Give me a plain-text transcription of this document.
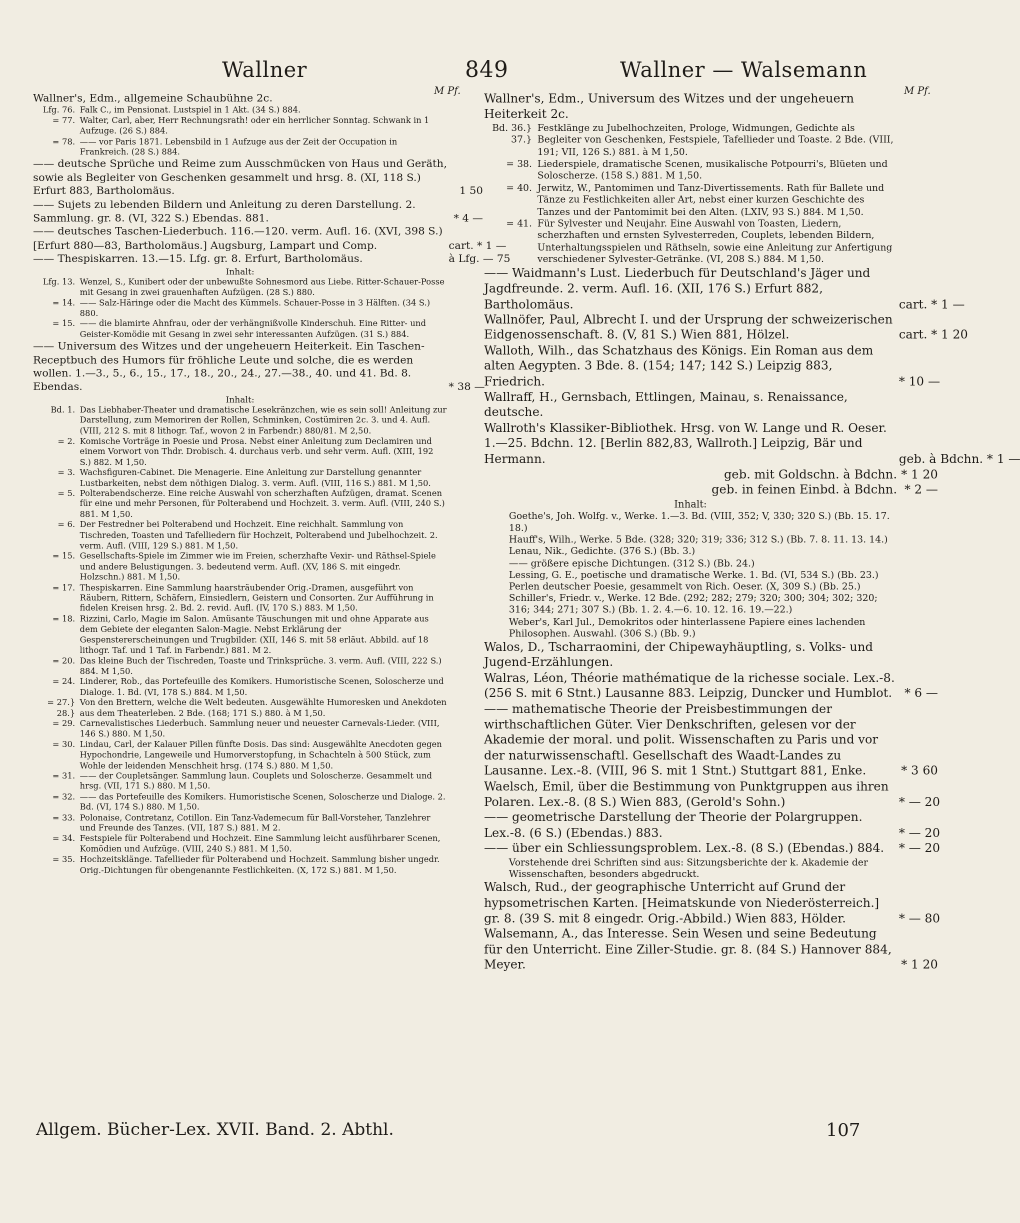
Wallner	849	Wallner — Walsemann
M Pf.	M Pf.
Wallner's, Edm., allgemeine Schaubühne 2c.
Lfg. 76. Falk C., im Pensionat. Lustspiel in 1 Akt. (34 S.) 884.
= 77. Walter, Carl, aber, Herr Rechnungsrath! oder ein herrlicher Sonntag. Schwank in 1 Aufzuge. (26 S.) 884.
= 78. —— vor Paris 1871. Lebensbild in 1 Aufzuge aus der Zeit der Occupation in Frankreich. (28 S.) 884.
—— deutsche Sprüche und Reime zum Ausschmücken von Haus und Geräth, sowie als Begleiter von Geschenken gesammelt und hrsg. 8. (XI, 118 S.) Erfurt 883, Bartholomäus.	1 50
—— Sujets zu lebenden Bildern und Anleitung zu deren Darstellung. 2. Sammlung. gr. 8. (VI, 322 S.) Ebendas. 881.	* 4 —
—— deutsches Taschen-Liederbuch. 116.—120. verm. Aufl. 16. (XVI, 398 S.) [Erfurt 880—83, Bartholomäus.] Augsburg, Lampart und Comp.	cart. * 1 —
—— Thespiskarren. 13.—15. Lfg. gr. 8. Erfurt, Bartholomäus.	à Lfg. — 75
Inhalt:
Lfg. 13. Wenzel, S., Kunibert oder der unbewußte Sohnesmord aus Liebe. Ritter-Schauer-Posse mit Gesang in zwei grauenhaften Aufzügen. (28 S.) 880.
= 14. —— Salz-Häringe oder die Macht des Kümmels. Schauer-Posse in 3 Hälften. (34 S.) 880.
= 15. —— die blamirte Ahnfrau, oder der verhängnißvolle Kinderschuh. Eine Ritter- und Geister-Komödie mit Gesang in zwei sehr interessanten Aufzügen. (31 S.) 884.
—— Universum des Witzes und der ungeheuern Heiterkeit. Ein Taschen-Receptbuch des Humors für fröhliche Leute und solche, die es werden wollen. 1.—3., 5., 6., 15., 17., 18., 20., 24., 27.—38., 40. und 41. Bd. 8. Ebendas.	* 38 —
Inhalt:
Bd. 1. Das Liebhaber-Theater und dramatische Lesekränzchen, wie es sein soll! Anleitung zur Darstellung, zum Memoriren der Rollen, Schminken, Costümiren 2c. 3. und 4. Aufl. (VIII, 212 S. mit 8 lithogr. Taf., wovon 2 in Farbendr.) 880/81. M 2,50.
= 2. Komische Vorträge in Poesie und Prosa. Nebst einer Anleitung zum Declamiren und einem Vorwort von Thdr. Drobisch. 4. durchaus verb. und sehr verm. Aufl. (XIII, 192 S.) 882. M 1,50.
= 3. Wachsfiguren-Cabinet. Die Menagerie. Eine Anleitung zur Darstellung genannter Lustbarkeiten, nebst dem nöthigen Dialog. 3. verm. Aufl. (VIII, 116 S.) 881. M 1,50.
= 5. Polterabendscherze. Eine reiche Auswahl von scherzhaften Aufzügen, dramat. Scenen für eine und mehr Personen, für Polterabend und Hochzeit. 3. verm. Aufl. (VIII, 240 S.) 881. M 1,50.
= 6. Der Festredner bei Polterabend und Hochzeit. Eine reichhalt. Sammlung von Tischreden, Toasten und Tafelliedern für Hochzeit, Polterabend und Jubelhochzeit. 2. verm. Aufl. (VIII, 129 S.) 881. M 1,50.
= 15. Gesellschafts-Spiele im Zimmer wie im Freien, scherzhafte Vexir- und Räthsel-Spiele und andere Belustigungen. 3. bedeutend verm. Aufl. (XV, 186 S. mit eingedr. Holzschn.) 881. M 1,50.
= 17. Thespiskarren. Eine Sammlung haarsträubender Orig.-Dramen, ausgeführt von Räubern, Rittern, Schäfern, Einsiedlern, Geistern und Consorten. Zur Aufführung in fidelen Kreisen hrsg. 2. Bd. 2. revid. Aufl. (IV, 170 S.) 883. M 1,50.
= 18. Rizzini, Carlo, Magie im Salon. Amüsante Täuschungen mit und ohne Apparate aus dem Gebiete der eleganten Salon-Magie. Nebst Erklärung der Gespenstererscheinungen und Trugbilder. (XII, 146 S. mit 58 erläut. Abbild. auf 18 lithogr. Taf. und 1 Taf. in Farbendr.) 881. M 2.
= 20. Das kleine Buch der Tischreden, Toaste und Trinksprüche. 3. verm. Aufl. (VIII, 222 S.) 884. M 1,50.
= 24. Linderer, Rob., das Portefeuille des Komikers. Humoristische Scenen, Soloscherze und Dialoge. 1. Bd. (VI, 178 S.) 884. M 1,50.
= 27.} 28.}
Von den Brettern, welche die Welt bedeuten. Ausgewählte Humoresken und Anekdoten aus dem Theaterleben. 2 Bde. (168; 171 S.) 880. à M 1,50.
= 29. Carnevalistisches Liederbuch. Sammlung neuer und neuester Carnevals-Lieder. (VIII, 146 S.) 880. M 1,50.
= 30. Lindau, Carl, der Kalauer Pillen fünfte Dosis. Das sind: Ausgewählte Anecdoten gegen Hypochondrie, Langeweile und Humorverstopfung, in Schachteln à 500 Stück, zum Wohle der leidenden Menschheit hrsg. (174 S.) 880. M 1,50.
= 31. —— der Coupletsänger. Sammlung laun. Couplets und Soloscherze. Gesammelt und hrsg. (VII, 171 S.) 880. M 1,50.
= 32. —— das Portefeuille des Komikers. Humoristische Scenen, Soloscherze und Dialoge. 2. Bd. (VI, 174 S.) 880. M 1,50.
= 33. Polonaise, Contretanz, Cotillon. Ein Tanz-Vademecum für Ball-Vorsteher, Tanzlehrer und Freunde des Tanzes. (VII, 187 S.) 881. M 2.
= 34. Festspiele für Polterabend und Hochzeit. Eine Sammlung leicht ausführbarer Scenen, Komödien und Aufzüge. (VIII, 240 S.) 881. M 1,50.
= 35. Hochzeitsklänge. Tafellieder für Polterabend und Hochzeit. Sammlung bisher ungedr. Orig.-Dichtungen für obengenannte Festlichkeiten. (X, 172 S.) 881. M 1,50.
Wallner's, Edm., Universum des Witzes und der ungeheuern Heiterkeit 2c.
Bd. 36.} 37.}
Festklänge zu Jubelhochzeiten, Prologe, Widmungen, Gedichte als Begleiter von Geschenken, Festspiele, Tafellieder und Toaste. 2 Bde. (VIII, 191; VII, 126 S.) 881. à M 1,50.
= 38. Liederspiele, dramatische Scenen, musikalische Potpourri's, Blüeten und Soloscherze. (158 S.) 881. M 1,50.
= 40. Jerwitz, W., Pantomimen und Tanz-Divertissements. Rath für Ballete und Tänze zu Festlichkeiten aller Art, nebst einer kurzen Geschichte des Tanzes und der Pantomimit bei den Alten. (LXIV, 93 S.) 884. M 1,50.
= 41. Für Sylvester und Neujahr. Eine Auswahl von Toasten, Liedern, scherzhaften und ernsten Sylvesterreden, Couplets, lebenden Bildern, Unterhaltungsspielen und Räthseln, sowie eine Anleitung zur Anfertigung verschiedener Sylvester-Getränke. (VI, 208 S.) 884. M 1,50.
—— Waidmann's Lust. Liederbuch für Deutschland's Jäger und Jagdfreunde. 2. verm. Aufl. 16. (XII, 176 S.) Erfurt 882, Bartholomäus.	cart. * 1 —
Wallnöfer, Paul, Albrecht I. und der Ursprung der schweizerischen Eidgenossenschaft. 8. (V, 81 S.) Wien 881, Hölzel.	cart. * 1 20
Walloth, Wilh., das Schatzhaus des Königs. Ein Roman aus dem alten Aegypten. 3 Bde. 8. (154; 147; 142 S.) Leipzig 883, Friedrich.	* 10 —
Wallraff, H., Gernsbach, Ettlingen, Mainau, s. Renaissance, deutsche.
Wallroth's Klassiker-Bibliothek. Hrsg. von W. Lange und R. Oeser. 1.—25. Bdchn. 12. [Berlin 882,83, Wallroth.] Leipzig, Bär und Hermann.	geb. à Bdchn. * 1 —
geb. mit Goldschn. à Bdchn. * 1 20
geb. in feinen Einbd. à Bdchn. * 2 —
Inhalt:
Goethe's, Joh. Wolfg. v., Werke. 1.—3. Bd. (VIII, 352; V, 330; 320 S.) (Bb. 15. 17. 18.)
Hauff's, Wilh., Werke. 5 Bde. (328; 320; 319; 336; 312 S.) (Bb. 7. 8. 11. 13. 14.)
Lenau, Nik., Gedichte. (376 S.) (Bb. 3.)
—— größere epische Dichtungen. (312 S.) (Bb. 24.)
Lessing, G. E., poetische und dramatische Werke. 1. Bd. (VI, 534 S.) (Bb. 23.)
Perlen deutscher Poesie, gesammelt von Rich. Oeser. (X, 309 S.) (Bb. 25.)
Schiller's, Friedr. v., Werke. 12 Bde. (292; 282; 279; 320; 300; 304; 302; 320; 316; 344; 271; 307 S.) (Bb. 1. 2. 4.—6. 10. 12. 16. 19.—22.)
Weber's, Karl Jul., Demokritos oder hinterlassene Papiere eines lachenden Philosophen. Auswahl. (306 S.) (Bb. 9.)
Walos, D., Tscharraomini, der Chipewayhäuptling, s. Volks- und Jugend-Erzählungen.
Walras, Léon, Théorie mathématique de la richesse sociale. Lex.-8. (256 S. mit 6 Stnt.) Lausanne 883. Leipzig, Duncker und Humblot. * 6 —
—— mathematische Theorie der Preisbestimmungen der wirthschaftlichen Güter. Vier Denkschriften, gelesen vor der Akademie der moral. und polit. Wissenschaften zu Paris und vor der naturwissenschaftl. Gesellschaft des Waadt-Landes zu Lausanne. Lex.-8. (VIII, 96 S. mit 1 Stnt.) Stuttgart 881, Enke.	* 3 60
Waelsch, Emil, über die Bestimmung von Punktgruppen aus ihren Polaren. Lex.-8. (8 S.) Wien 883, (Gerold's Sohn.)	* — 20
—— geometrische Darstellung der Theorie der Polargruppen. Lex.-8. (6 S.) (Ebendas.) 883.	* — 20
—— über ein Schliessungsproblem. Lex.-8. (8 S.) (Ebendas.) 884. * — 20
Vorstehende drei Schriften sind aus: Sitzungsberichte der k. Akademie der Wissenschaften, besonders abgedruckt.
Walsch, Rud., der geographische Unterricht auf Grund der hypsometrischen Karten. [Heimatskunde von Niederösterreich.] gr. 8. (39 S. mit 8 eingedr. Orig.-Abbild.) Wien 883, Hölder.	* — 80
Walsemann, A., das Interesse. Sein Wesen und seine Bedeutung für den Unterricht. Eine Ziller-Studie. gr. 8. (84 S.) Hannover 884, Meyer.	* 1 20
Allgem. Bücher-Lex. XVII. Band. 2. Abthl.	107
